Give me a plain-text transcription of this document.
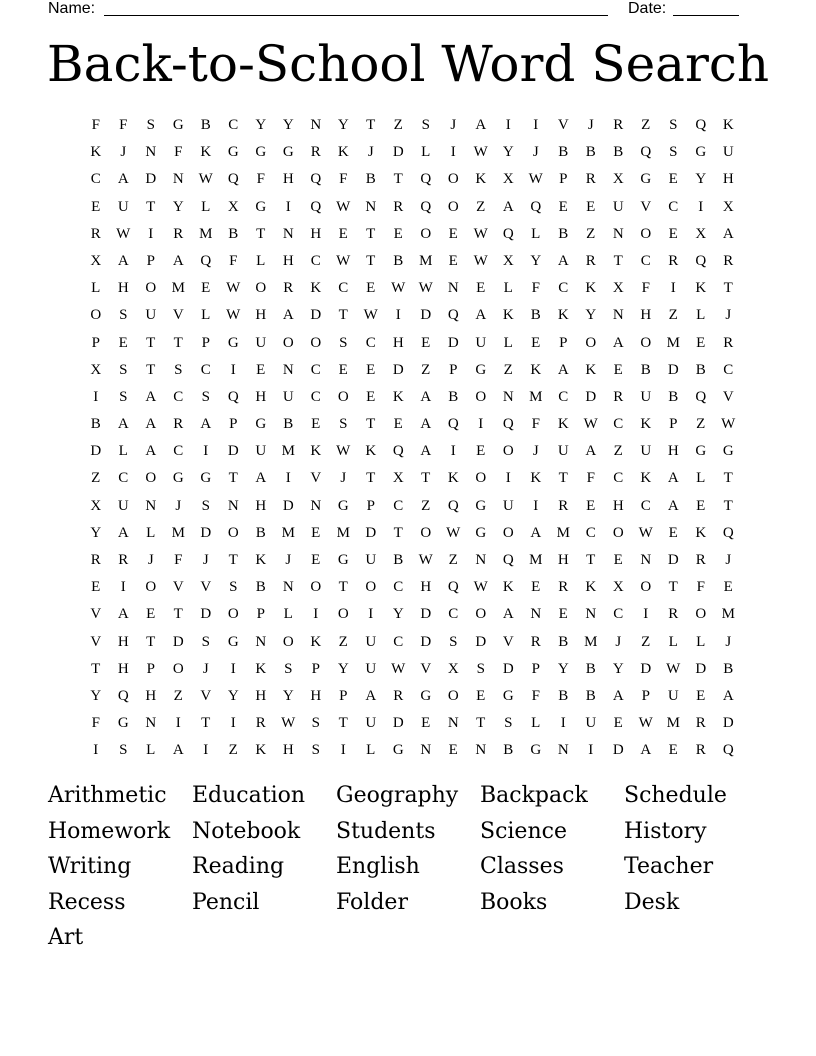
Name:	Date:
Back-to-School Word Search
F	F	S	G	B	C	Y	Y	N	Y	T	Z	S	J	A	I	I	V	J	R	Z	S	Q	K
K	J	N	F	K	G	G	G	R	K	J	D	L	I	W	Y	J	B	B	B	Q	S	G	U
C	A	D	N W	Q	F	H	Q	F	B	T	Q	O	K	X W	P	R	X	G	E	Y	H
E	U	T	Y	L	X	G	I	Q W	N	R	Q	O	Z	A	Q	E	E	U	V	C	I	X
R	W	I	R	M	B	T	N	H	E	T	E	O	E	W	Q	L	B	Z	N	O	E	X	A
X	A	P	A	Q	F	L	H	C	W	T	B	M	E	W	X	Y	A	R	T	C	R	Q	R
L	H	O	M	E	W	O	R	K	C	E	W W	N	E	L	F	C	K	X	F	I	K	T
O	S	U	V	L	W	H	A	D	T	W	I	D	Q	A	K	B	K	Y	N	H	Z	L	J
P	E	T	T	P	G	U	O	O	S	C	H	E	D	U	L	E	P	O	A	O	M	E	R
X	S	T	S	C	I	E	N	C	E	E	D	Z	P	G	Z	K	A	K	E	B	D	B	C
I	S	A	C	S	Q	H	U	C	O	E	K	A	B	O	N	M	C	D	R	U	B	Q	V
B	A	A	R	A	P	G	B	E	S	T	E	A	Q	I	Q	F	K W	C	K	P	Z	W
D	L	A	C	I	D	U	M	K W	K	Q	A	I	E	O	J	U	A	Z	U	H	G	G
Z	C	O	G	G	T	A	I	V	J	T	X	T	K	O	I	K	T	F	C	K	A	L	T
X	U	N	J	S	N	H	D	N	G	P	C	Z	Q	G	U	I	R	E	H	C	A	E	T
Y	A	L	M	D	O	B	M	E	M	D	T	O W	G	O	A	M	C	O W	E	K	Q
R	R	J	F	J	T	K	J	E	G	U	B	W	Z	N	Q	M	H	T	E	N	D	R	J
E	I	O	V	V	S	B	N	O	T	O	C	H	Q W	K	E	R	K	X	O	T	F	E
V	A	E	T	D	O	P	L	I	O	I	Y	D	C	O	A	N	E	N	C	I	R	O	M
V	H	T	D	S	G	N	O	K	Z	U	C	D	S	D	V	R	B	M	J	Z	L	L	J
T	H	P	O	J	I	K	S	P	Y	U W	V	X	S	D	P	Y	B	Y	D W	D	B
Y	Q	H	Z	V	Y	H	Y	H	P	A	R	G	O	E	G	F	B	B	A	P	U	E	A
F	G	N	I	T	I	R	W	S	T	U	D	E	N	T	S	L	I	U	E	W M	R	D
I	S	L	A	I	Z	K	H	S	I	L	G	N	E	N	B	G	N	I	D	A	E	R	Q
Arithmetic	Education	Geography Backpack	Schedule
Homework Notebook	Students	Science	History
Writing	Reading	English	Classes	Teacher
Recess	Pencil	Folder	Books	Desk
Art
